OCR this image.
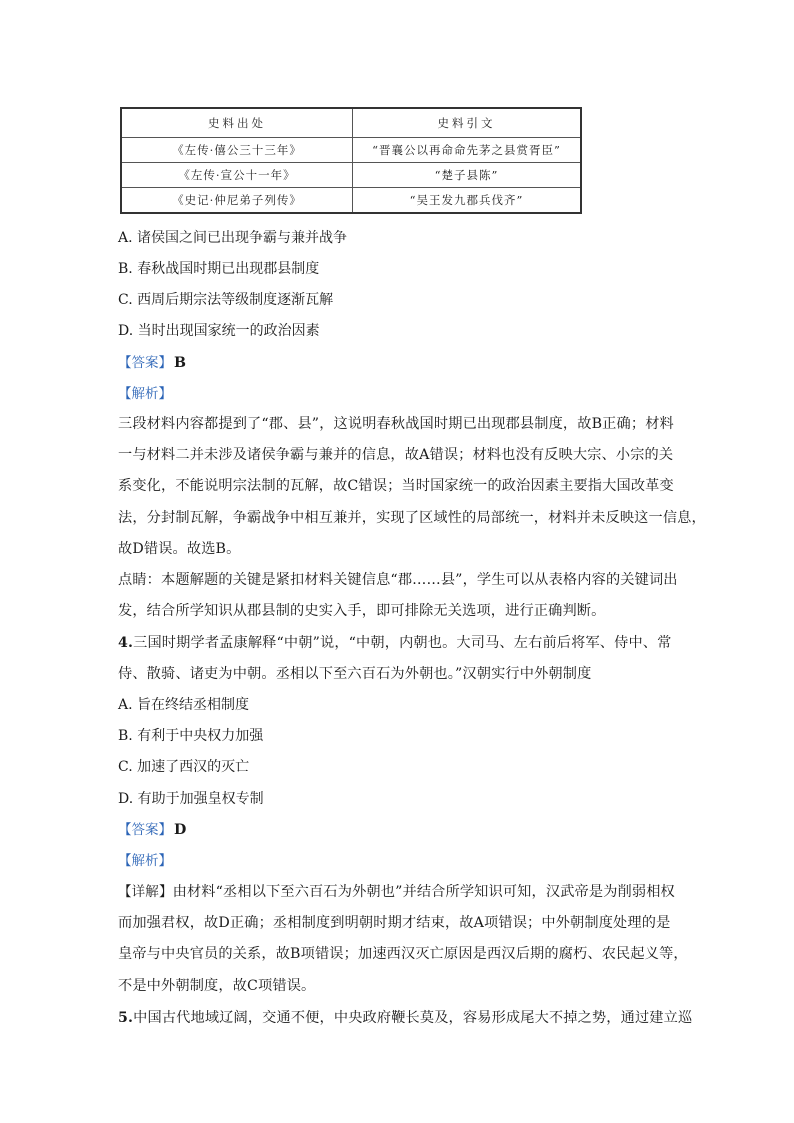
史料出处	史料引文
《左传·僖公三十三年》	“晋襄公以再命命先茅之县赏胥臣”
《左传·宣公十一年》	“楚子县陈”
《史记·仲尼弟子列传》	“吴王发九郡兵伐齐”
A. 诸侯国之间已出现争霸与兼并战争
B. 春秋战国时期已出现郡县制度
C. 西周后期宗法等级制度逐渐瓦解
D. 当时出现国家统一的政治因素
【答案】 B
【解析】
三段材料内容都提到了“郡、县”，这说明春秋战国时期已出现郡县制度，故B正确；材料
一与材料二并未涉及诸侯争霸与兼并的信息，故A错误；材料也没有反映大宗、小宗的关
系变化，不能说明宗法制的瓦解，故C错误；当时国家统一的政治因素主要指大国改革变
法，分封制瓦解，争霸战争中相互兼并，实现了区域性的局部统一，材料并未反映这一信息，
故D错误。故选B。
点睛：本题解题的关键是紧扣材料关键信息“郡……县”，学生可以从表格内容的关键词出
发，结合所学知识从郡县制的史实入手，即可排除无关选项，进行正确判断。
4.三国时期学者孟康解释“中朝”说，“中朝，内朝也。大司马、左右前后将军、侍中、常
侍、散骑、诸吏为中朝。丞相以下至六百石为外朝也。”汉朝实行中外朝制度
A. 旨在终结丞相制度
B. 有利于中央权力加强
C. 加速了西汉的灭亡
D. 有助于加强皇权专制
【答案】 D
【解析】
【详解】由材料“丞相以下至六百石为外朝也”并结合所学知识可知，汉武帝是为削弱相权
而加强君权，故D正确；丞相制度到明朝时期才结束，故A项错误；中外朝制度处理的是
皇帝与中央官员的关系，故B项错误；加速西汉灭亡原因是西汉后期的腐朽、农民起义等，
不是中外朝制度，故C项错误。
5.中国古代地域辽阔，交通不便，中央政府鞭长莫及，容易形成尾大不掉之势，通过建立巡
